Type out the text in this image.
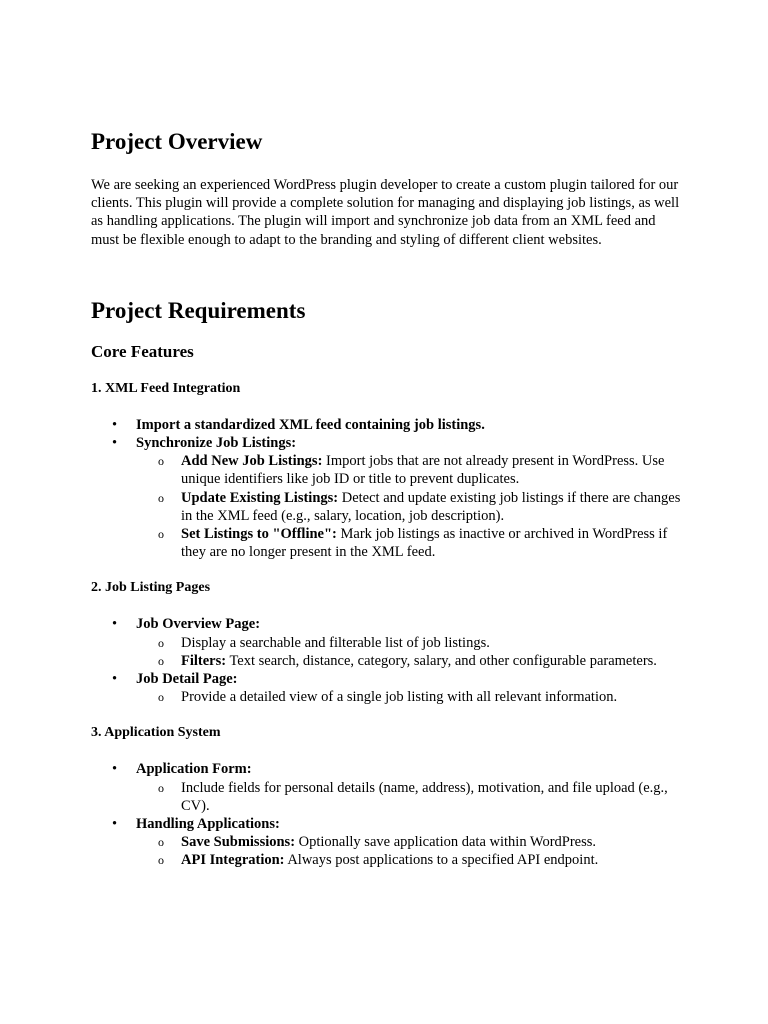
Project Overview

We are seeking an experienced WordPress plugin developer to create a custom plugin tailored for our clients. This plugin will provide a complete solution for managing and displaying job listings, as well as handling applications. The plugin will import and synchronize job data from an XML feed and must be flexible enough to adapt to the branding and styling of different client websites.

Project Requirements
Core Features
1. XML Feed Integration
• Import a standardized XML feed containing job listings.
• Synchronize Job Listings:
o Add New Job Listings: Import jobs that are not already present in WordPress. Use unique identifiers like job ID or title to prevent duplicates.
o Update Existing Listings: Detect and update existing job listings if there are changes in the XML feed (e.g., salary, location, job description).
o Set Listings to "Offline": Mark job listings as inactive or archived in WordPress if they are no longer present in the XML feed.
2. Job Listing Pages
• Job Overview Page:
o Display a searchable and filterable list of job listings.
o Filters: Text search, distance, category, salary, and other configurable parameters.
• Job Detail Page:
o Provide a detailed view of a single job listing with all relevant information.
3. Application System
• Application Form:
o Include fields for personal details (name, address), motivation, and file upload (e.g., CV).
• Handling Applications:
o Save Submissions: Optionally save application data within WordPress.
o API Integration: Always post applications to a specified API endpoint.
